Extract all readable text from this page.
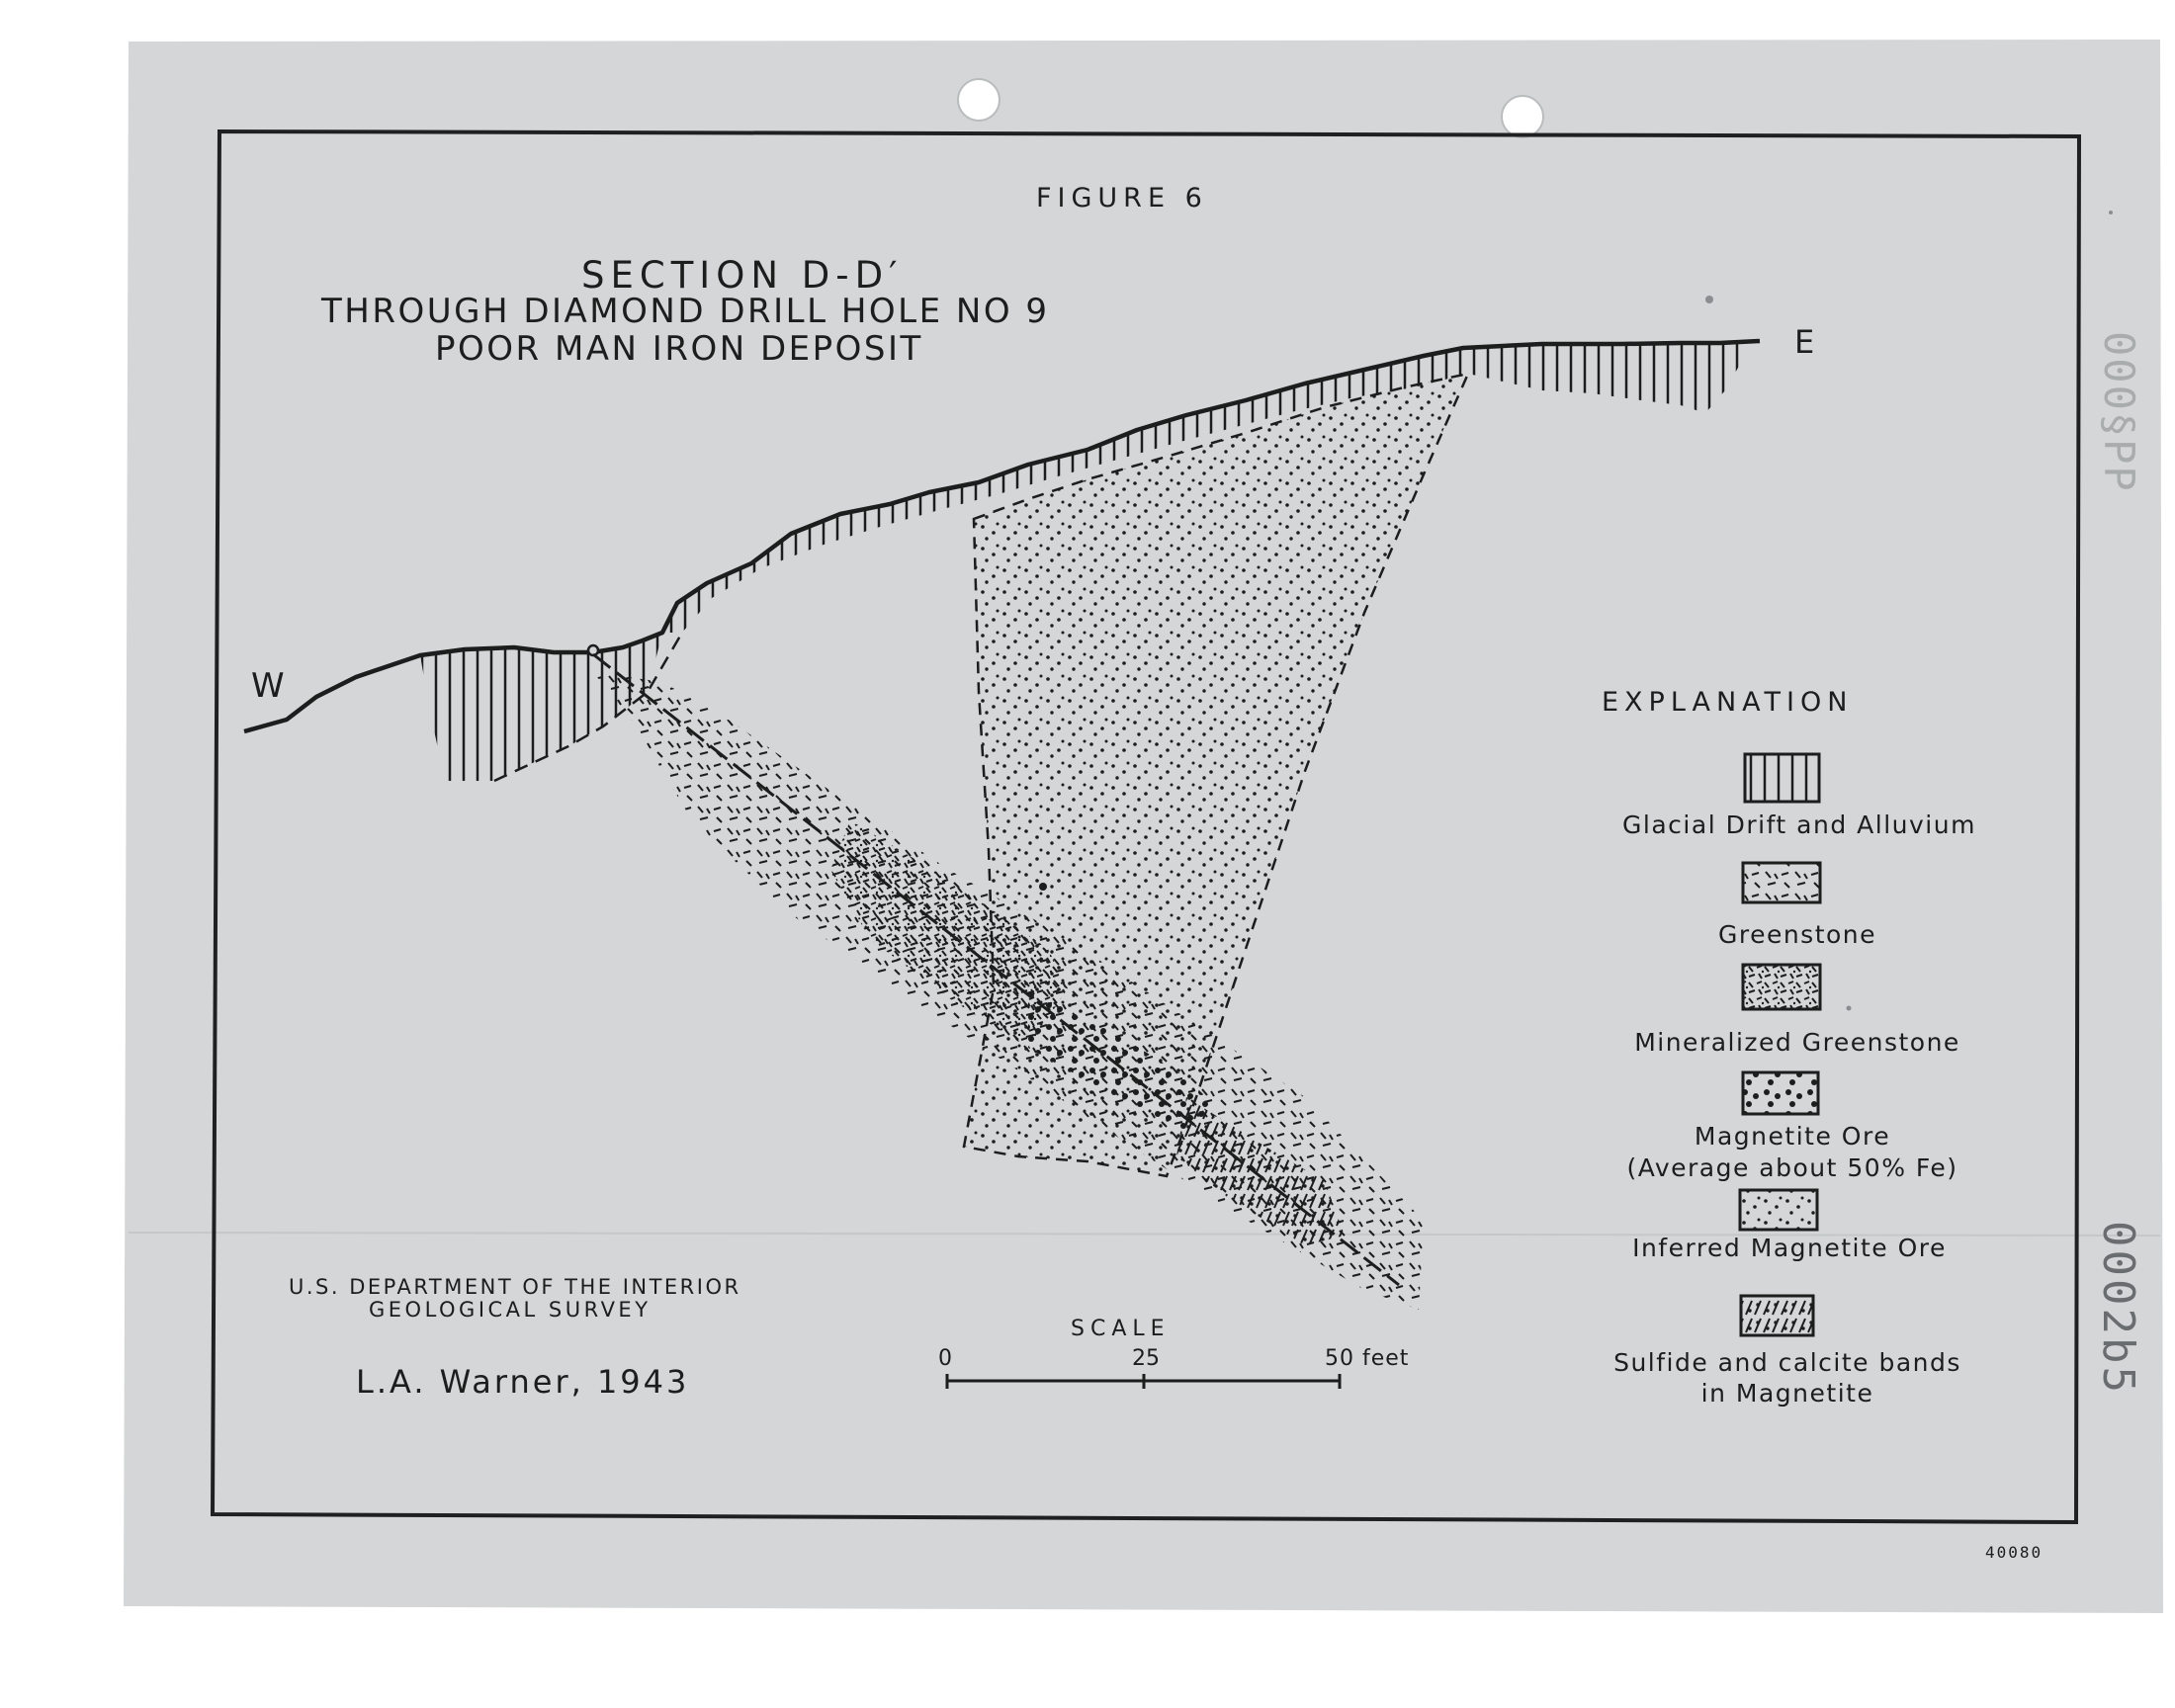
FIGURE 6
SECTION D-D′
THROUGH DIAMOND DRILL HOLE NO 9
POOR MAN IRON DEPOSIT
W
E
EXPLANATION
Glacial Drift and Alluvium
Greenstone
Mineralized Greenstone
Magnetite Ore
(Average about 50% Fe)
Inferred Magnetite Ore
Sulfide and calcite bands
in Magnetite
U.S. DEPARTMENT OF THE INTERIOR
GEOLOGICAL SURVEY
L.A. Warner, 1943
SCALE
0	25	50 feet
40080
000§PP
0002b5
